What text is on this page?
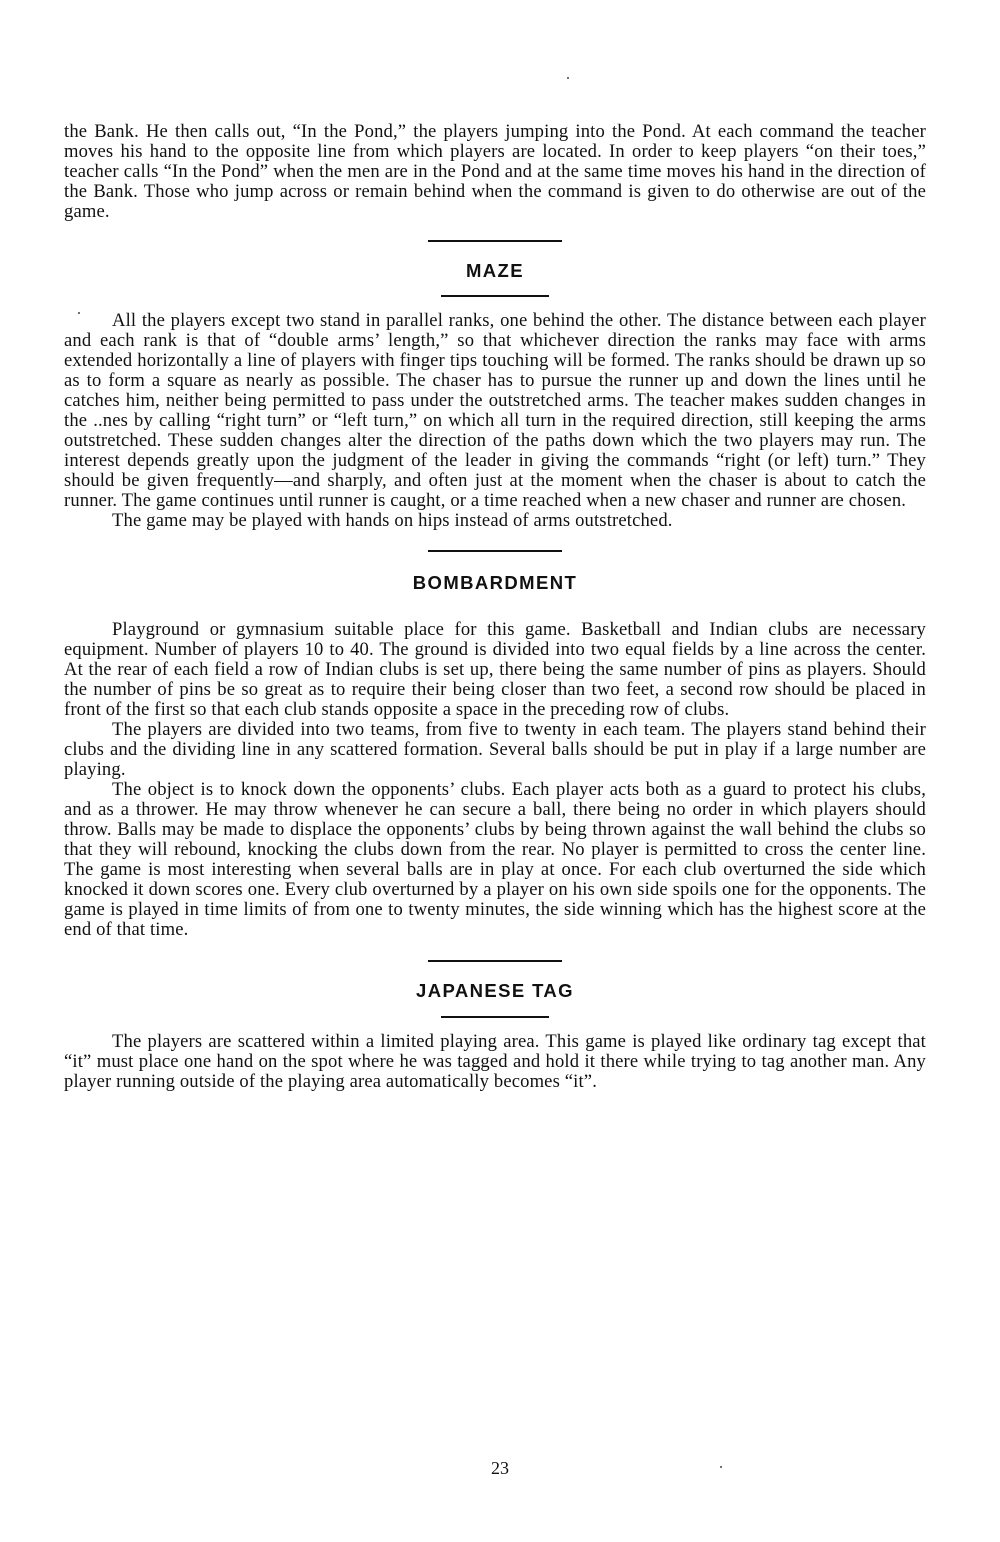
the Bank. He then calls out, “In the Pond,” the players jumping into the Pond. At each command the teacher moves his hand to the opposite line from which players are located. In order to keep players “on their toes,” teacher calls “In the Pond” when the men are in the Pond and at the same time moves his hand in the direction of the Bank. Those who jump across or remain behind when the command is given to do otherwise are out of the game.

MAZE

All the players except two stand in parallel ranks, one behind the other. The distance between each player and each rank is that of “double arms’ length,” so that whichever direction the ranks may face with arms extended horizontally a line of players with finger tips touching will be formed. The ranks should be drawn up so as to form a square as nearly as possible. The chaser has to pursue the runner up and down the lines until he catches him, neither being permitted to pass under the outstretched arms. The teacher makes sudden changes in the ..nes by calling “right turn” or “left turn,” on which all turn in the required direction, still keeping the arms outstretched. These sudden changes alter the direction of the paths down which the two players may run. The interest depends greatly upon the judgment of the leader in giving the commands “right (or left) turn.” They should be given frequently—and sharply, and often just at the moment when the chaser is about to catch the runner. The game continues until runner is caught, or a time reached when a new chaser and runner are chosen.

The game may be played with hands on hips instead of arms outstretched.

BOMBARDMENT

Playground or gymnasium suitable place for this game. Basketball and Indian clubs are necessary equipment. Number of players 10 to 40. The ground is divided into two equal fields by a line across the center. At the rear of each field a row of Indian clubs is set up, there being the same number of pins as players. Should the number of pins be so great as to require their being closer than two feet, a second row should be placed in front of the first so that each club stands opposite a space in the preceding row of clubs.

The players are divided into two teams, from five to twenty in each team. The players stand behind their clubs and the dividing line in any scattered formation. Several balls should be put in play if a large number are playing.

The object is to knock down the opponents’ clubs. Each player acts both as a guard to protect his clubs, and as a thrower. He may throw whenever he can secure a ball, there being no order in which players should throw. Balls may be made to displace the opponents’ clubs by being thrown against the wall behind the clubs so that they will rebound, knocking the clubs down from the rear. No player is permitted to cross the center line. The game is most interesting when several balls are in play at once. For each club overturned the side which knocked it down scores one. Every club overturned by a player on his own side spoils one for the opponents. The game is played in time limits of from one to twenty minutes, the side winning which has the highest score at the end of that time.

JAPANESE TAG

The players are scattered within a limited playing area. This game is played like ordinary tag except that “it” must place one hand on the spot where he was tagged and hold it there while trying to tag another man. Any player running outside of the playing area automatically becomes “it”.

23
